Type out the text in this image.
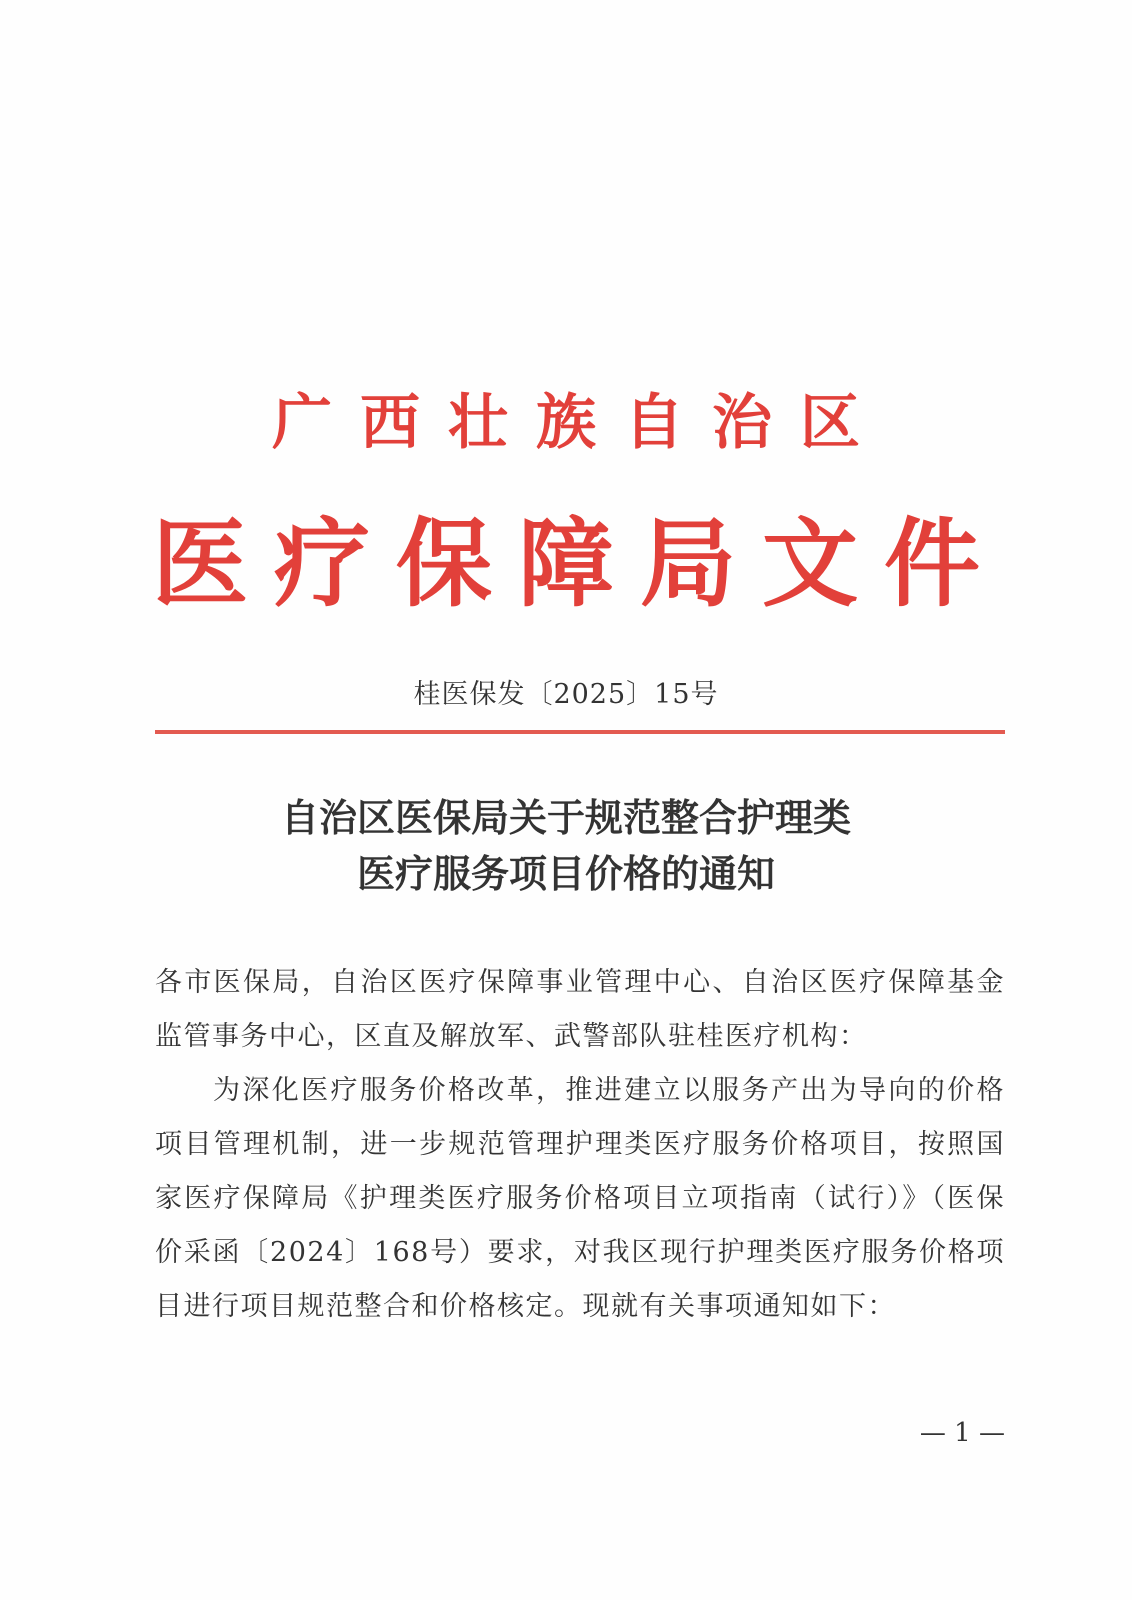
广西壮族自治区
医疗保障局文件
桂医保发〔2025〕15号
自治区医保局关于规范整合护理类
医疗服务项目价格的通知

各市医保局，自治区医疗保障事业管理中心、自治区医疗保障基金监管事务中心，区直及解放军、武警部队驻桂医疗机构：

为深化医疗服务价格改革，推进建立以服务产出为导向的价格项目管理机制，进一步规范管理护理类医疗服务价格项目，按照国家医疗保障局《护理类医疗服务价格项目立项指南（试行）》（医保价采函〔2024〕168号）要求，对我区现行护理类医疗服务价格项目进行项目规范整合和价格核定。现就有关事项通知如下：

— 1 —
